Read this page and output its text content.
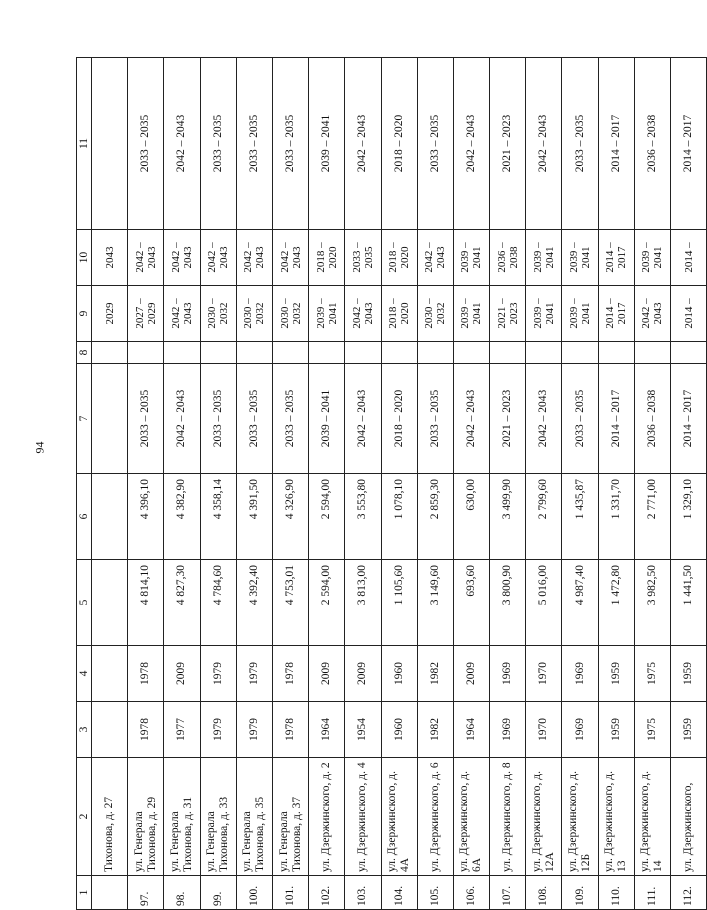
94
1	2	3	4	5	6	7	8	9	10	11
	Тихонова, д. 27							2029	2043	
97.	ул. Генерала Тихонова, д. 29	1978	1978	4 814,10	4 396,10	2033 – 2035		2027 – 2029	2042 – 2043	2033 – 2035
98.	ул. Генерала Тихонова, д. 31	1977	2009	4 827,30	4 382,90	2042 – 2043		2042 – 2043	2042 – 2043	2042 – 2043
99.	ул. Генерала Тихонова, д. 33	1979	1979	4 784,60	4 358,14	2033 – 2035		2030 – 2032	2042 – 2043	2033 – 2035
100.	ул. Генерала Тихонова, д. 35	1979	1979	4 392,40	4 391,50	2033 – 2035		2030 – 2032	2042 – 2043	2033 – 2035
101.	ул. Генерала Тихонова, д. 37	1978	1978	4 753,01	4 326,90	2033 – 2035		2030 – 2032	2042 – 2043	2033 – 2035
102.	ул. Дзержинского, д. 2	1964	2009	2 594,00	2 594,00	2039 – 2041		2039 – 2041	2018 – 2020	2039 – 2041
103.	ул. Дзержинского, д. 4	1954	2009	3 813,00	3 553,80	2042 – 2043		2042 – 2043	2033 – 2035	2042 – 2043
104.	ул. Дзержинского, д. 4А	1960	1960	1 105,60	1 078,10	2018 – 2020		2018 – 2020	2018 – 2020	2018 – 2020
105.	ул. Дзержинского, д. 6	1982	1982	3 149,60	2 859,30	2033 – 2035		2030 – 2032	2042 – 2043	2033 – 2035
106.	ул. Дзержинского, д. 6А	1964	2009	693,60	630,00	2042 – 2043		2039 – 2041	2039 – 2041	2042 – 2043
107.	ул. Дзержинского, д. 8	1969	1969	3 800,90	3 499,90	2021 – 2023		2021 – 2023	2036 – 2038	2021 – 2023
108.	ул. Дзержинского, д. 12А	1970	1970	5 016,00	2 799,60	2042 – 2043		2039 – 2041	2039 – 2041	2042 – 2043
109.	ул. Дзержинского, д. 12Б	1969	1969	4 987,40	1 435,87	2033 – 2035		2039 – 2041	2039 – 2041	2033 – 2035
110.	ул. Дзержинского, д. 13	1959	1959	1 472,80	1 331,70	2014 – 2017		2014 – 2017	2014 – 2017	2014 – 2017
111.	ул. Дзержинского, д. 14	1975	1975	3 982,50	2 771,00	2036 – 2038		2042 – 2043	2039 – 2041	2036 – 2038
112.	ул. Дзержинского,	1959	1959	1 441,50	1 329,10	2014 – 2017		2014 –	2014 –	2014 – 2017
